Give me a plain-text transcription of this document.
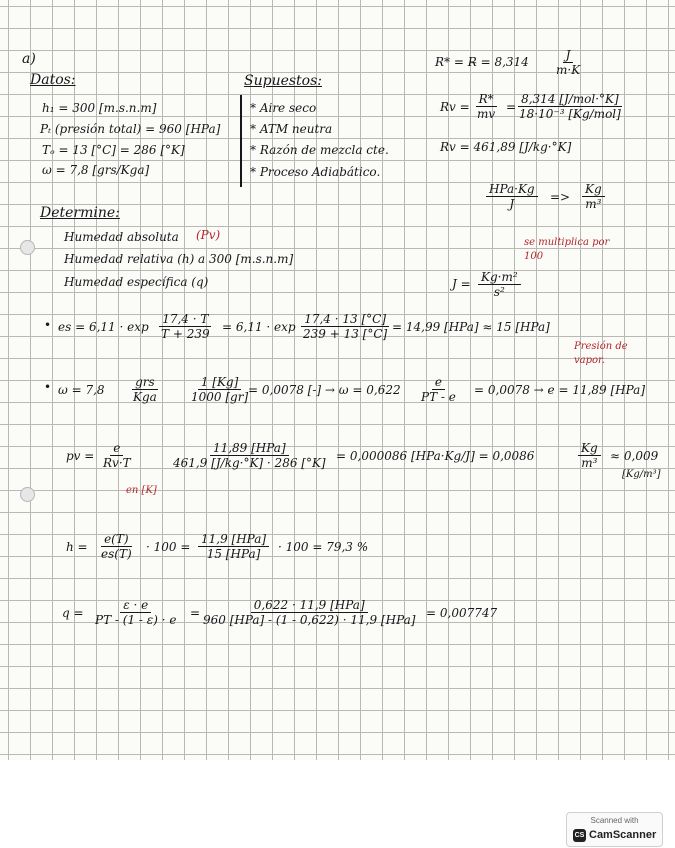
a)
Datos:
h₁ = 300 [m.s.n.m]
Pₜ (presión total) = 960 [HPa]
Tₒ = 13 [°C] = 286 [°K]
ω = 7,8 [grs/Kga]
Supuestos:
* Aire seco
* ATM neutra
* Razón de mezcla cte.
* Proceso Adiabático.
R* = R̶ = $8,314 \frac{J}{m\cdot K}$
$Rv = \frac{R*}{mv}$ =
8,314 [J/mol·°K]
18·10⁻³ [Kg/mol]
Rv = 461,89 [J/kg·°K]
HPa·Kg
J	=> $\frac{Kg}{\text{m³}}$
se multiplica por 100
$J = \frac{\text{Kg·m²}}{\text{s²}}$
Determine:
Humedad absoluta (Pv)
Humedad relativa (h) a 300 [m.s.n.m]
Humedad específica (q)
• es = $6,11 \cdot \exp \frac{17,4 \cdot T}{T + 239} = 6,11 \cdot \exp \frac{17,4 \cdot 13 [^\circ C]}{239 + 13 [^\circ C]} = 14,99$ [HPa] ≈ 15 [HPa]
• ω = 7,8
grs
Kga	$\frac{1 [Kg]}{1000 [gr]}$
= 0,0078 [-] → $\omega = 0,622 \frac{e}{PT - e} = 0,0078 \to e = 11,89$ [HPa]
Presión de vapor.
pv = $\frac{e}{Rv\cdot T}$
en [K]
11,89 [HPa]
461,9 [J/kg·°K] · 286 [°K] = 0,000086 [HPa·Kg/J] = 0,0086	$\frac{Kg}{\text{m³}} \approx 0,009$
[Kg/m³]
$h = \frac{e(T)}{es(T)} \cdot 100$ =
11,9 [HPa]
15 [HPa] · 100 = 79,3 %
$q = \frac{\varepsilon \cdot e}{PT - (1 - \varepsilon) \cdot e}$ =
0,622 · 11,9 [HPa]
960 [HPa] - (1 - 0,622) · 11,9 [HPa] = 0,007747
Scanned with
CS CamScanner
